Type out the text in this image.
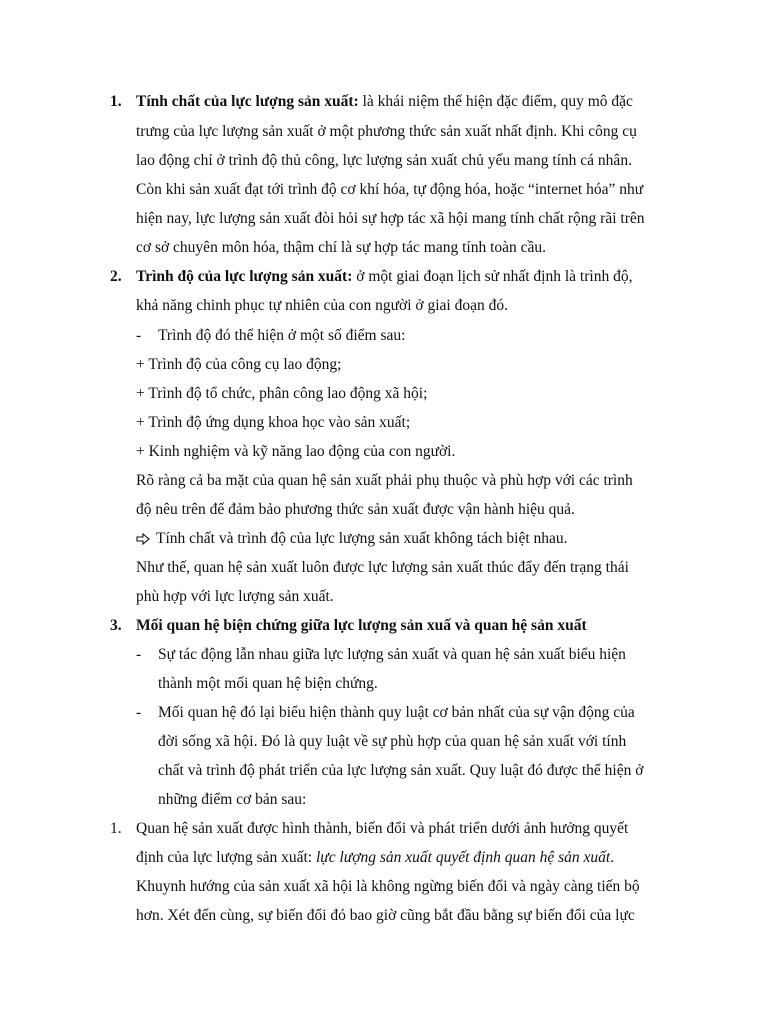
1. Tính chất của lực lượng sản xuất: là khái niệm thể hiện đặc điểm, quy mô đặc
trưng của lực lượng sản xuất ở một phương thức sản xuất nhất định. Khi công cụ
lao động chỉ ở trình độ thủ công, lực lượng sản xuất chủ yếu mang tính cá nhân.
Còn khi sản xuất đạt tới trình độ cơ khí hóa, tự động hóa, hoặc “internet hóa” như
hiện nay, lực lượng sản xuất đòi hỏi sự hợp tác xã hội mang tính chất rộng rãi trên
cơ sở chuyên môn hóa, thậm chí là sự hợp tác mang tính toàn cầu.
2. Trình độ của lực lượng sản xuất: ở một giai đoạn lịch sử nhất định là trình độ,
khả năng chinh phục tự nhiên của con người ở giai đoạn đó.
- Trình độ đó thể hiện ở một số điểm sau:
+ Trình độ của công cụ lao động;
+ Trình độ tổ chức, phân công lao động xã hội;
+ Trình độ ứng dụng khoa học vào sản xuất;
+ Kinh nghiệm và kỹ năng lao động của con người.
Rõ ràng cả ba mặt của quan hệ sản xuất phải phụ thuộc và phù hợp với các trình
độ nêu trên để đảm bảo phương thức sản xuất được vận hành hiệu quả.
Tính chất và trình độ của lực lượng sản xuất không tách biệt nhau.
Như thế, quan hệ sản xuất luôn được lực lượng sản xuất thúc đẩy đến trạng thái
phù hợp với lực lượng sản xuất.
3. Mối quan hệ biện chứng giữa lực lượng sản xuấ và quan hệ sản xuất
- Sự tác động lẫn nhau giữa lực lượng sản xuất và quan hệ sản xuất biểu hiện
thành một mối quan hệ biện chứng.
- Mối quan hệ đó lại biểu hiện thành quy luật cơ bản nhất của sự vận động của
đời sống xã hội. Đó là quy luật về sự phù hợp của quan hệ sản xuất với tính
chất và trình độ phát triển của lực lượng sản xuất. Quy luật đó được thể hiện ở
những điểm cơ bản sau:
1. Quan hệ sản xuất được hình thành, biến đổi và phát triển dưới ảnh hưởng quyết
định của lực lượng sản xuất: lực lượng sản xuất quyết định quan hệ sản xuất.
Khuynh hướng của sản xuất xã hội là không ngừng biến đổi và ngày càng tiến bộ
hơn. Xét đến cùng, sự biến đổi đó bao giờ cũng bắt đầu bằng sự biến đổi của lực
